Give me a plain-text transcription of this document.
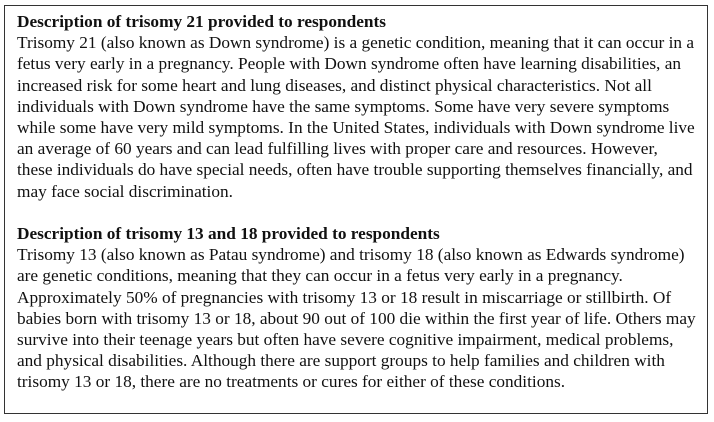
Description of trisomy 21 provided to respondents

Trisomy 21 (also known as Down syndrome) is a genetic condition, meaning that it can occur in a fetus very early in a pregnancy. People with Down syndrome often have learning disabilities, an increased risk for some heart and lung diseases, and distinct physical characteristics. Not all individuals with Down syndrome have the same symptoms. Some have very severe symptoms while some have very mild symptoms. In the United States, individuals with Down syndrome live an average of 60 years and can lead fulfilling lives with proper care and resources. However, these individuals do have special needs, often have trouble supporting themselves financially, and may face social discrimination.

Description of trisomy 13 and 18 provided to respondents

Trisomy 13 (also known as Patau syndrome) and trisomy 18 (also known as Edwards syndrome) are genetic conditions, meaning that they can occur in a fetus very early in a pregnancy. Approximately 50% of pregnancies with trisomy 13 or 18 result in miscarriage or stillbirth. Of babies born with trisomy 13 or 18, about 90 out of 100 die within the first year of life. Others may survive into their teenage years but often have severe cognitive impairment, medical problems, and physical disabilities. Although there are support groups to help families and children with trisomy 13 or 18, there are no treatments or cures for either of these conditions.
